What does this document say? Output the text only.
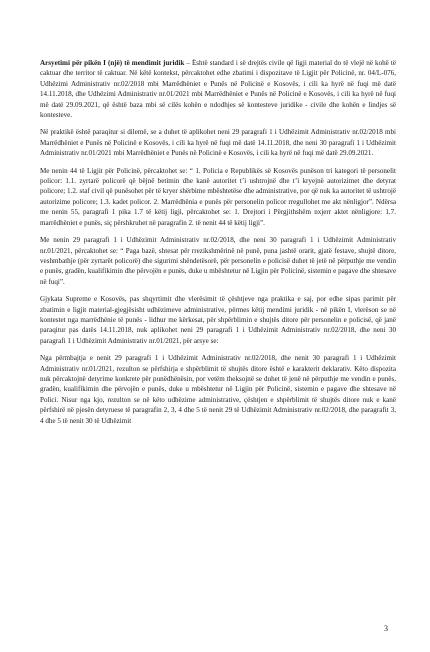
Arsyetimi për pikën I (një) të mendimit juridik – Është standard i së drejtës civile që ligji material do të vlejë në kohë të caktuar dhe territor të caktuar. Në këtë kontekst, përcaktohet edhe zbatimi i dispozitave të Ligjit për Policinë, nr. 04/L-076, Udhëzimi Administrativ nr.02/2018 mbi Marrëdhëniet e Punës në Policinë e Kosovës, i cili ka hyrë në fuqi më datë 14.11.2018, dhe Udhëzimi Administrativ nr.01/2021 mbi Marrëdhëniet e Punës në Policinë e Kosovës, i cili ka hyrë në fuqi më datë 29.09.2021, që është baza mbi së cilës kohën e ndodhjes së kontesteve juridike - civile dhe kohën e lindjes së kontesteve.

Në praktikë është paraqitur si dilemë, se a duhet të aplikohet neni 29 paragrafi 1 i Udhëzimit Administrativ nr.02/2018 mbi Marrëdhëniet e Punës në Policinë e Kosovës, i cili ka hyrë në fuqi më datë 14.11.2018, dhe neni 30 paragrafi 1 i Udhëzimit Administrativ nr.01/2021 mbi Marrëdhëniet e Punës në Policinë e Kosovës, i cili ka hyrë në fuqi më datë 29.09.2021.

Me nenin 44 të Ligjit për Policinë, përcaktohet se: “ 1. Policia e Republikës së Kosovës punëson tri kategori të personelit policor: 1.1. zyrtarë policorë që bëjnë betimin dhe kanë autoritet t’i ushtrojnë dhe t’i kryejnë autorizimet dhe detyrat policore; 1.2. staf civil që punësohet për të kryer shërbime mbështetëse dhe administrative, por që nuk ka autoritet të ushtrojë autorizime policore; 1.3. kadet policor. 2. Marrëdhënia e punës për personelin policor rregullohet me akt nënligjor”. Ndërsa me nenin 55, paragrafi 1 pika 1.7 të këtij ligji, përcaktohet se: 1. Drejtori i Përgjithshëm nxjerr aktet nënligjore: 1.7. marrëdhëniet e punës, siç përshkruhet në paragrafin 2. të nenit 44 të këtij ligji”.

Me nenin 29 paragrafi 1 i Udhëzimit Administrativ nr.02/2018, dhe neni 30 paragrafi 1 i Udhëzimit Administrativ nr.01/2021, përcaktohet se: “ Paga bazë, shtesat për rrezikshmërinë në punë, puna jashtë orarit, gjatë festave, shujtë ditore, veshmbathje (për zyrtarët policorë) dhe sigurimi shëndetësorë, për personelin e policisë duhet të jetë në përputhje me vendin e punës, gradën, kualifikimin dhe përvojën e punës, duke u mbështetur në Ligjin për Policinë, sistemin e pagave dhe shtesave në fuqi”.

Gjykata Supreme e Kosovës, pas shqyrtimit dhe vlerësimit të çështjeve nga praktika e saj, por edhe sipas parimit për zbatimin e ligjit material-gjegjësisht udhëzimeve administrative, përmes këtij mendimi juridik - në pikën I, vlerëson se në kontestet nga marrëdhënie të punës - lidhur me kërkesat, për shpërblimin e shujtës ditore për personelin e policisë, që janë paraqitur pas datës 14.11.2018, nuk aplikohet neni 29 paragrafi 1 i Udhëzimit Administrativ nr.02/2018, dhe neni 30 paragrafi 1 i Udhëzimit Administrativ nr.01/2021, për arsye se:

Nga përmbajtja e nenit 29 paragrafi 1 i Udhëzimit Administrativ nr.02/2018, dhe nenit 30 paragrafi 1 i Udhëzimit Administrativ nr.01/2021, rezulton se përfshirja e shpërblimit të shujtës ditore është e karakterit deklarativ. Këto dispozita nuk përcaktojnë detyrime konkrete për punëdhënësin, por vetëm theksojnë se duhet të jenë në përputhje me vendin e punës, gradën, kualifikimin dhe përvojën e punës, duke u mbështetur në Ligjin për Policinë, sistemin e pagave dhe shtesave në Polici. Nisur nga kjo, rezulton se në këto udhëzime administrative, çështjen e shpërblimit të shujtës ditore nuk e kanë përfshirë në pjesën detyruese të paragrafin 2, 3, 4 dhe 5 të nenit 29 të Udhëzimit Administrativ nr.02/2018, dhe paragrafit 3, 4 dhe 5 të nenit 30 të Udhëzimit

3
